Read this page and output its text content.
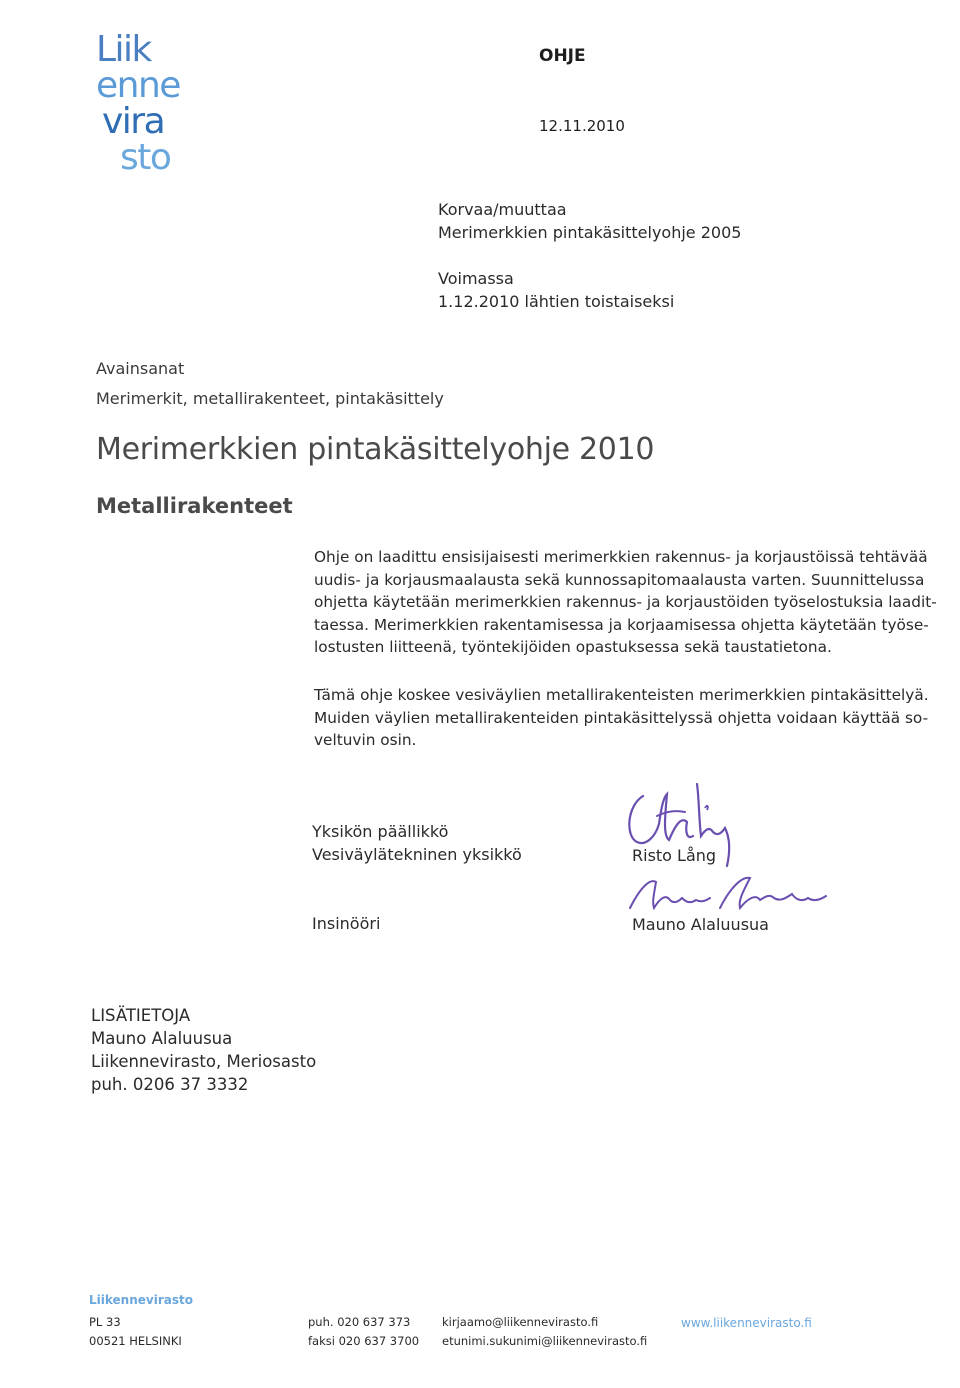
Liik
enne
vira
sto
OHJE
12.11.2010
Korvaa/muuttaa
Merimerkkien pintakäsittelyohje 2005
Voimassa
1.12.2010 lähtien toistaiseksi
Avainsanat
Merimerkit, metallirakenteet, pintakäsittely
Merimerkkien pintakäsittelyohje 2010
Metallirakenteet

Ohje on laadittu ensisijaisesti merimerkkien rakennus- ja korjaustöissä tehtävää

uudis- ja korjausmaalausta sekä kunnossapitomaalausta varten. Suunnittelussa

ohjetta käytetään merimerkkien rakennus- ja korjaustöiden työselostuksia laadit-

taessa. Merimerkkien rakentamisessa ja korjaamisessa ohjetta käytetään työse-

lostusten liitteenä, työntekijöiden opastuksessa sekä taustatietona.

Tämä ohje koskee vesiväylien metallirakenteisten merimerkkien pintakäsittelyä.

Muiden väylien metallirakenteiden pintakäsittelyssä ohjetta voidaan käyttää so-

veltuvin osin.

Yksikön päällikkö
Vesiväylätekninen yksikkö	Risto Lång
Insinööri	Mauno Alaluusua
LISÄTIETOJA
Mauno Alaluusua
Liikennevirasto, Meriosasto
puh. 0206 37 3332
Liikennevirasto
PL 33
00521 HELSINKI
puh. 020 637 373
faksi 020 637 3700
kirjaamo@liikennevirasto.fi
etunimi.sukunimi@liikennevirasto.fi
www.liikennevirasto.fi
